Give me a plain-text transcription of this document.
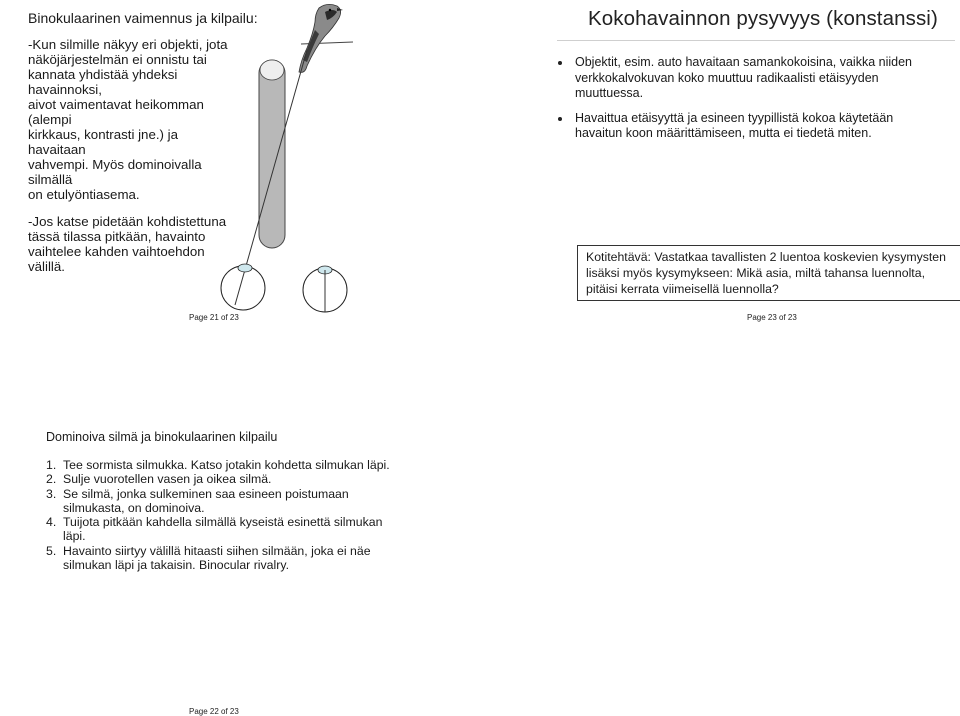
Binokulaarinen vaimennus ja kilpailu:

-Kun silmille näkyy eri objekti, jota
näköjärjestelmän ei onnistu tai
kannata yhdistää yhdeksi havainnoksi,
aivot vaimentavat heikomman (alempi
kirkkaus, kontrasti jne.) ja havaitaan
vahvempi. Myös dominoivalla silmällä
on etulyöntiasema.

-Jos katse pidetään kohdistettuna
tässä tilassa pitkään, havainto
vaihtelee kahden vaihtoehdon välillä.

Page 21 of 23
Kokohavainnon pysyvyys (konstanssi)
Objektit, esim. auto havaitaan samankokoisina, vaikka niiden verkkokalvokuvan koko muuttuu radikaalisti etäisyyden muuttuessa.
Havaittua etäisyyttä ja esineen tyypillistä kokoa käytetään havaitun koon määrittämiseen, mutta ei tiedetä miten.
Kotitehtävä: Vastatkaa tavallisten 2 luentoa koskevien kysymysten lisäksi myös kysymykseen: Mikä asia, miltä tahansa luennolta, pitäisi kerrata viimeisellä luennolla?
Page 23 of 23
Dominoiva silmä ja binokulaarinen kilpailu
1. Tee sormista silmukka. Katso jotakin kohdetta silmukan läpi.
2. Sulje vuorotellen vasen ja oikea silmä.
3. Se silmä, jonka sulkeminen saa esineen poistumaan silmukasta, on dominoiva.
4. Tuijota pitkään kahdella silmällä kyseistä esinettä silmukan läpi.
5. Havainto siirtyy välillä hitaasti siihen silmään, joka ei näe silmukan läpi ja takaisin. Binocular rivalry.
Page 22 of 23
